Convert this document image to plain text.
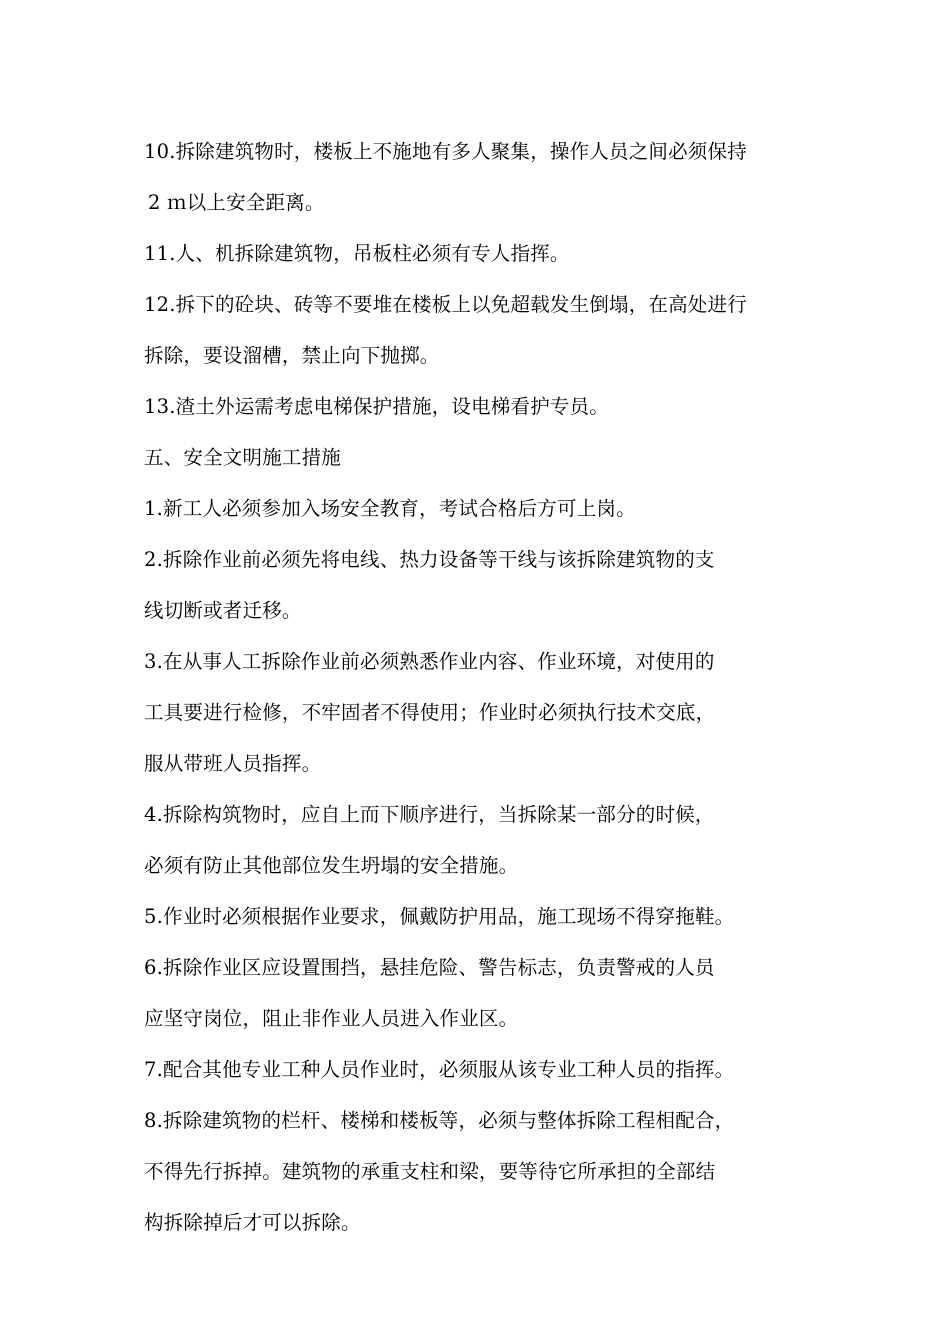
10.拆除建筑物时，楼板上不施地有多人聚集，操作人员之间必须保持
2 ｍ以上安全距离。
11.人、机拆除建筑物，吊板柱必须有专人指挥。
12.拆下的砼块、砖等不要堆在楼板上以免超载发生倒塌，在高处进行
拆除，要设溜槽，禁止向下抛掷。
13.渣土外运需考虑电梯保护措施，设电梯看护专员。
五、安全文明施工措施
1.新工人必须参加入场安全教育，考试合格后方可上岗。
2.拆除作业前必须先将电线、热力设备等干线与该拆除建筑物的支
线切断或者迁移。
3.在从事人工拆除作业前必须熟悉作业内容、作业环境，对使用的
工具要进行检修，不牢固者不得使用；作业时必须执行技术交底，
服从带班人员指挥。
4.拆除构筑物时，应自上而下顺序进行，当拆除某一部分的时候，
必须有防止其他部位发生坍塌的安全措施。
5.作业时必须根据作业要求，佩戴防护用品，施工现场不得穿拖鞋。
6.拆除作业区应设置围挡，悬挂危险、警告标志，负责警戒的人员
应坚守岗位，阻止非作业人员进入作业区。
7.配合其他专业工种人员作业时，必须服从该专业工种人员的指挥。
8.拆除建筑物的栏杆、楼梯和楼板等，必须与整体拆除工程相配合，
不得先行拆掉。建筑物的承重支柱和梁，要等待它所承担的全部结
构拆除掉后才可以拆除。
